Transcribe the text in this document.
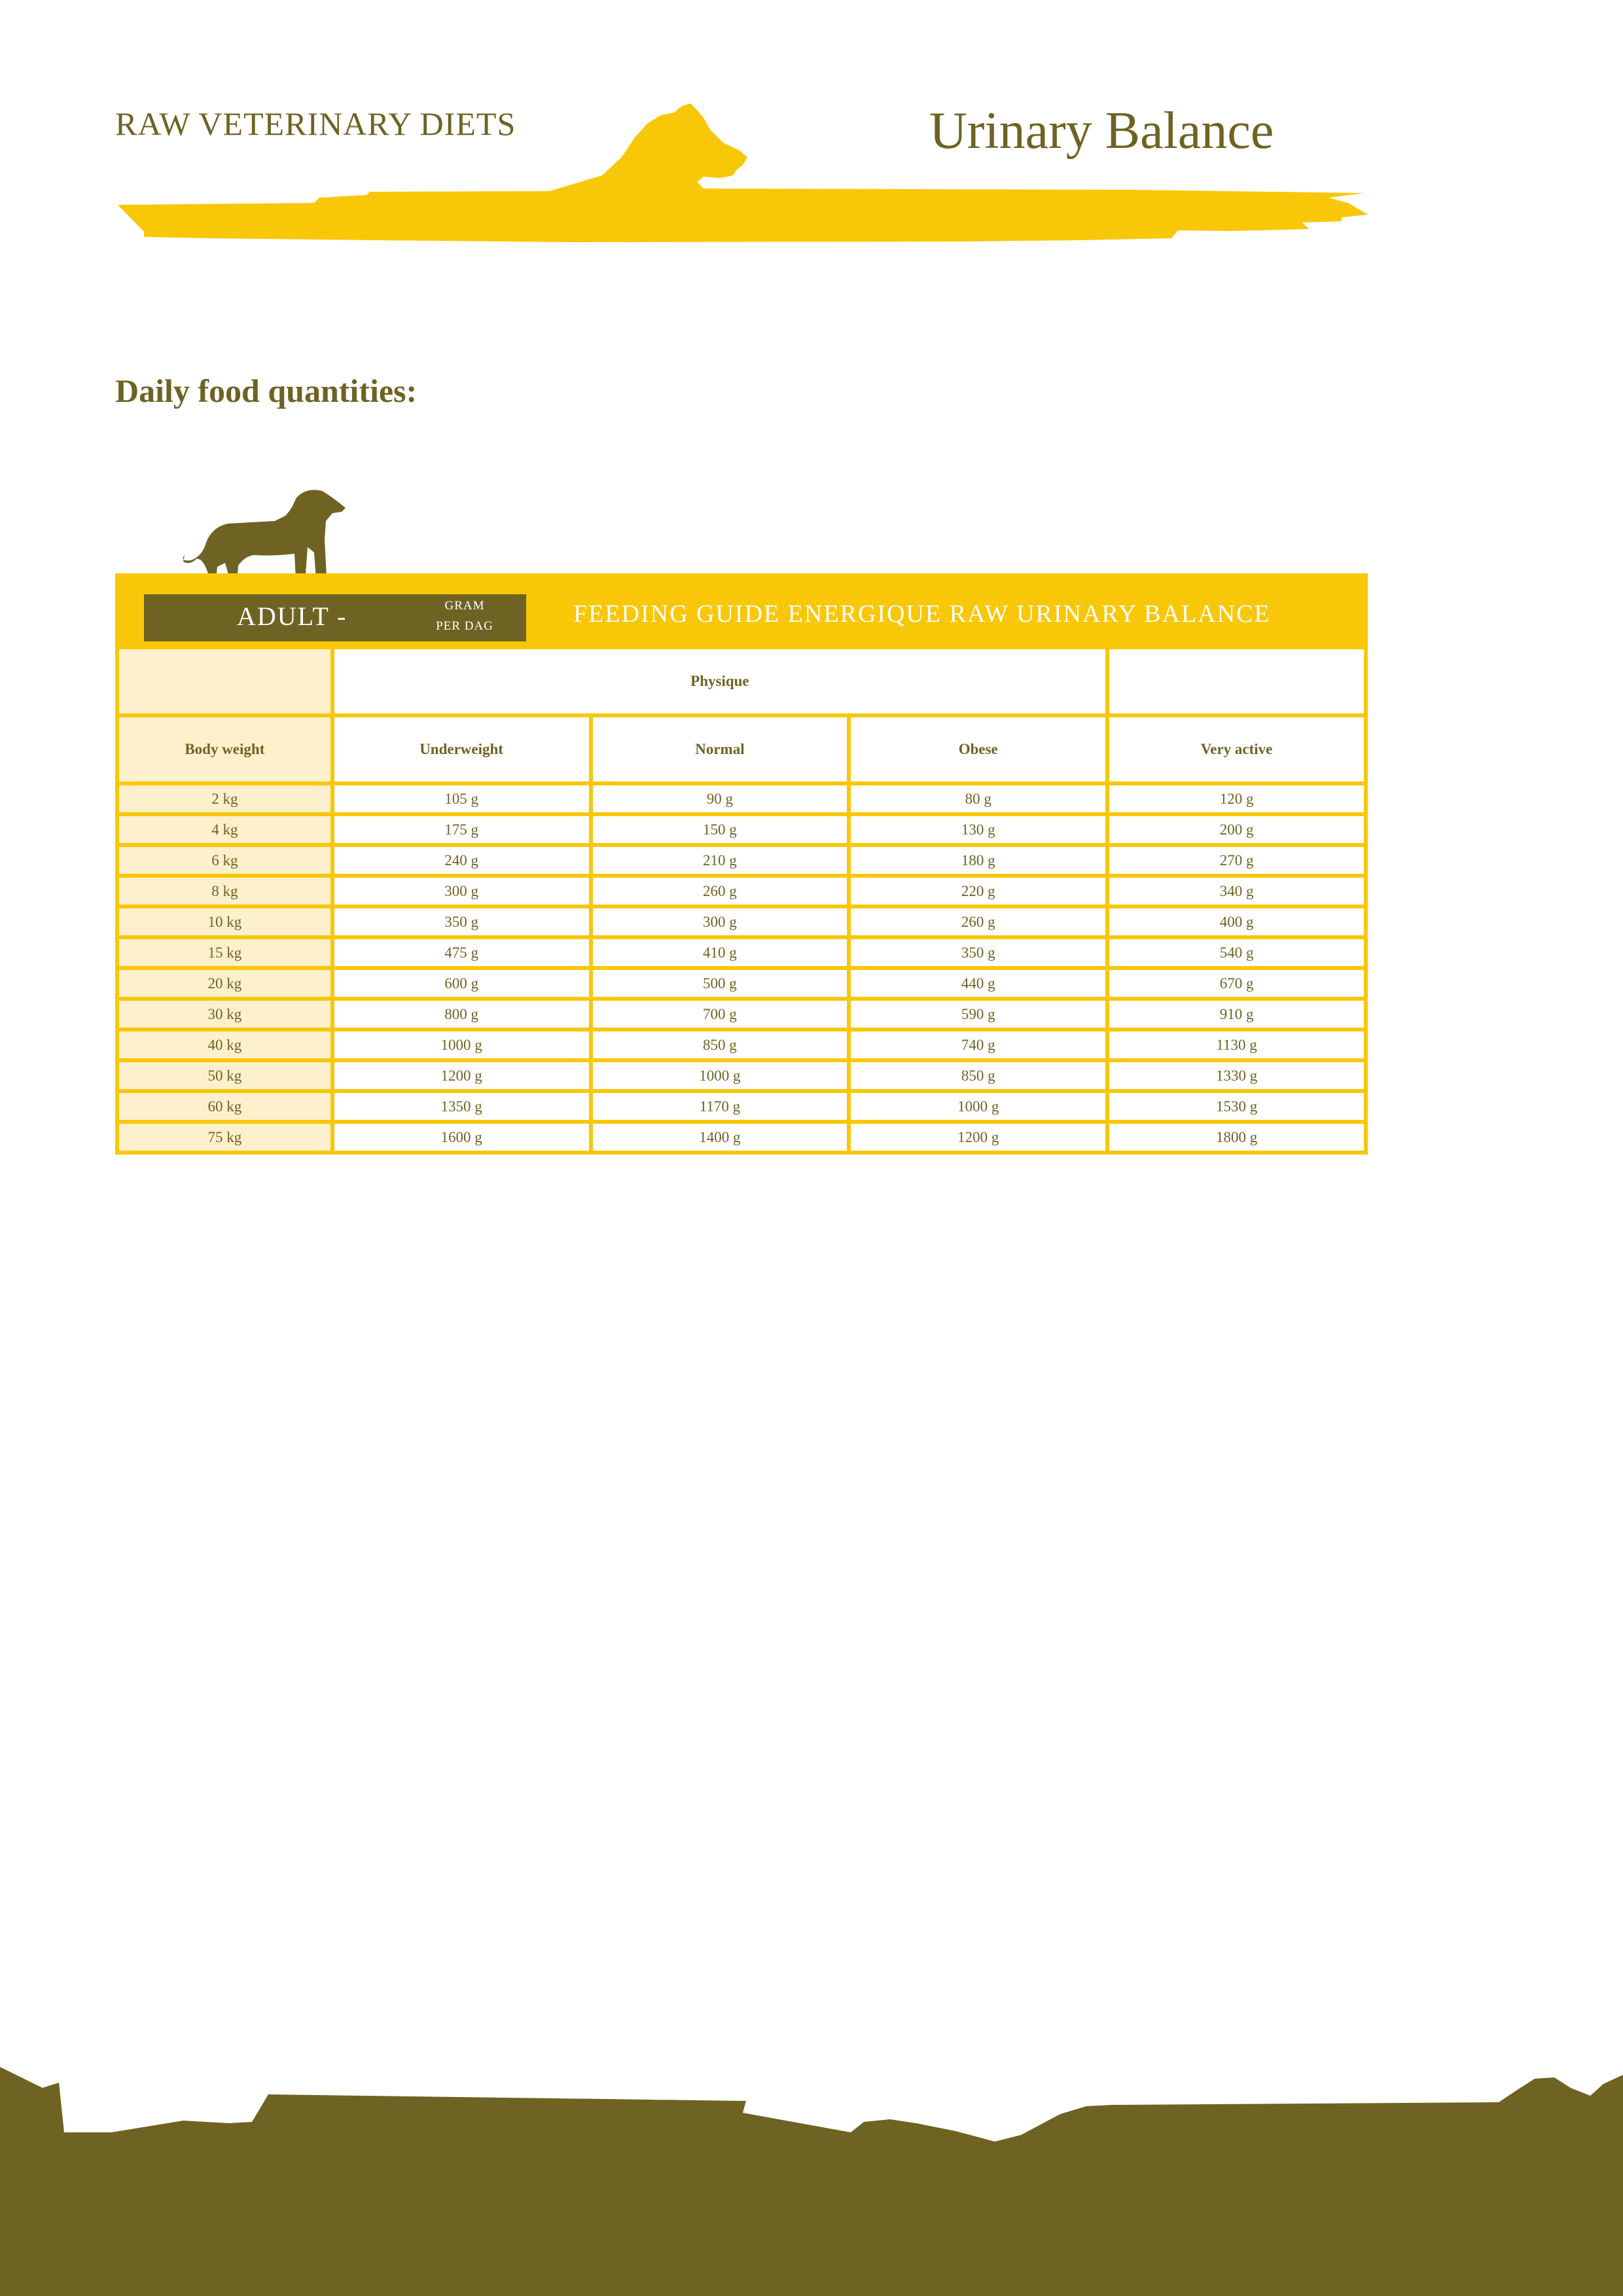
RAW VETERINARY DIETS	Urinary Balance
Daily food quantities:
ADULT -	GRAM
PER DAG	FEEDING GUIDE ENERGIQUE RAW URINARY BALANCE
	Physique			
Body weight	Underweight	Normal	Obese	Very active
2 kg	105 g	90 g	80 g	120 g
4 kg	175 g	150 g	130 g	200 g
6 kg	240 g	210 g	180 g	270 g
8 kg	300 g	260 g	220 g	340 g
10 kg	350 g	300 g	260 g	400 g
15 kg	475 g	410 g	350 g	540 g
20 kg	600 g	500 g	440 g	670 g
30 kg	800 g	700 g	590 g	910 g
40 kg	1000 g	850 g	740 g	1130 g
50 kg	1200 g	1000 g	850 g	1330 g
60 kg	1350 g	1170 g	1000 g	1530 g
75 kg	1600 g	1400 g	1200 g	1800 g
